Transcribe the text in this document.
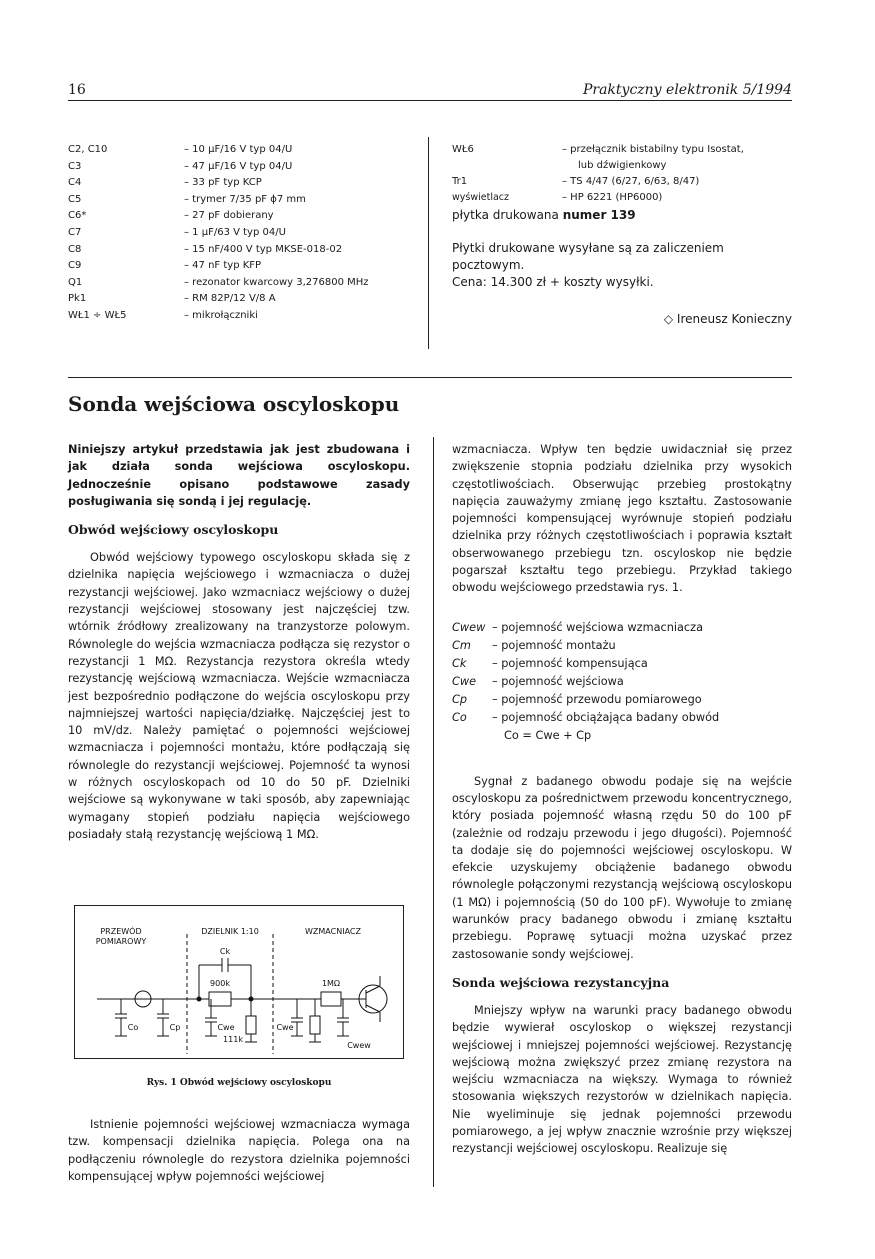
16	Praktyczny elektronik 5/1994
C2, C10	– 10 µF/16 V typ 04/U
C3	– 47 µF/16 V typ 04/U
C4	– 33 pF typ KCP
C5	– trymer 7/35 pF ϕ7 mm
C6*	– 27 pF dobierany
C7	– 1 µF/63 V typ 04/U
C8	– 15 nF/400 V typ MKSE-018-02
C9	– 47 nF typ KFP
Q1	– rezonator kwarcowy 3,276800 MHz
Pk1	– RM 82P/12 V/8 A
WŁ1 ÷ WŁ5	– mikrołączniki
WŁ6	– przełącznik bistabilny typu Isostat,
lub dźwigienkowy
Tr1	– TS 4/47 (6/27, 6/63, 8/47)
wyświetlacz	– HP 6221 (HP6000)
płytka drukowana numer 139
Płytki drukowane wysyłane są za zaliczeniem
pocztowym.
Cena: 14.300 zł + koszty wysyłki.
◇ Ireneusz Konieczny
Sonda wejściowa oscyloskopu
Niniejszy artykuł przedstawia jak jest zbudowana i jak działa sonda wejściowa oscyloskopu. Jednocześnie opisano podstawowe zasady posługiwania się sondą i jej regulację.
Obwód wejściowy oscyloskopu

Obwód wejściowy typowego oscyloskopu składa się z dzielnika napięcia wejściowego i wzmacniacza o dużej rezystancji wejściowej. Jako wzmacniacz wejściowy o dużej rezystancji wejściowej stosowany jest najczęściej tzw. wtórnik źródłowy zrealizowany na tranzystorze polowym. Równolegle do wejścia wzmacniacza podłącza się rezystor o rezystancji 1 MΩ. Rezystancja rezystora określa wtedy rezystancję wejściową wzmacniacza. Wejście wzmacniacza jest bezpośrednio podłączone do wejścia oscyloskopu przy najmniejszej wartości napięcia/działkę. Najczęściej jest to 10 mV/dz. Należy pamiętać o pojemności wejściowej wzmacniacza i pojemności montażu, które podłączają się równolegle do rezystancji wejściowej. Pojemność ta wynosi w różnych oscyloskopach od 10 do 50 pF. Dzielniki wejściowe są wykonywane w taki sposób, aby zapewniając wymagany stopień podziału napięcia wejściowego posiadały stałą rezystancję wejściową 1 MΩ.

PRZEWÓD
POMIAROWY
DZIELNIK 1:10	WZMACNIACZ
Ck
900k	1MΩ
Co	Cp	Cwe
111k
Cwe
Cwew
Rys. 1 Obwód wejściowy oscyloskopu

Istnienie pojemności wejściowej wzmacniacza wymaga tzw. kompensacji dzielnika napięcia. Polega ona na podłączeniu równolegle do rezystora dzielnika pojemności kompensującej wpływ pojemności wejściowej

wzmacniacza. Wpływ ten będzie uwidaczniał się przez zwiększenie stopnia podziału dzielnika przy wysokich częstotliwościach. Obserwując przebieg prostokątny napięcia zauważymy zmianę jego kształtu. Zastosowanie pojemności kompensującej wyrównuje stopień podziału dzielnika przy różnych częstotliwościach i poprawia kształt obserwowanego przebiegu tzn. oscyloskop nie będzie pogarszał kształtu tego przebiegu. Przykład takiego obwodu wejściowego przedstawia rys. 1.

Cwew – pojemność wejściowa wzmacniacza
Cm – pojemność montażu
Ck – pojemność kompensująca
Cwe – pojemność wejściowa
Cp – pojemność przewodu pomiarowego
Co – pojemność obciążająca badany obwód
Co = Cwe + Cp

Sygnał z badanego obwodu podaje się na wejście oscyloskopu za pośrednictwem przewodu koncentrycznego, który posiada pojemność własną rzędu 50 do 100 pF (zależnie od rodzaju przewodu i jego długości). Pojemność ta dodaje się do pojemności wejściowej oscyloskopu. W efekcie uzyskujemy obciążenie badanego obwodu równolegle połączonymi rezystancją wejściową oscyloskopu (1 MΩ) i pojemnością (50 do 100 pF). Wywołuje to zmianę warunków pracy badanego obwodu i zmianę kształtu przebiegu. Poprawę sytuacji można uzyskać przez zastosowanie sondy wejściowej.

Sonda wejściowa rezystancyjna

Mniejszy wpływ na warunki pracy badanego obwodu będzie wywierał oscyloskop o większej rezystancji wejściowej i mniejszej pojemności wejściowej. Rezystancję wejściową można zwiększyć przez zmianę rezystora na wejściu wzmacniacza na większy. Wymaga to również stosowania większych rezystorów w dzielnikach napięcia. Nie wyeliminuje się jednak pojemności przewodu pomiarowego, a jej wpływ znacznie wzrośnie przy większej rezystancji wejściowej oscyloskopu. Realizuje się
